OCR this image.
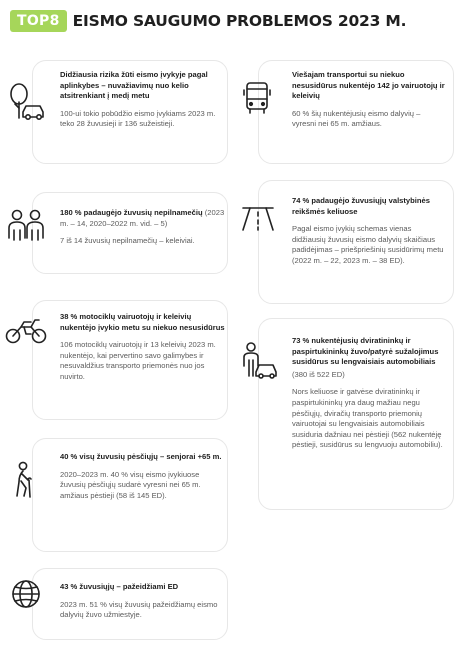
TOP8 EISMO SAUGUMO PROBLEMOS 2023 M.
Didžiausia rizika žūti eismo įvykyje pagal aplinkybes – nuvažiavimų nuo kelio atsitrenkiant į medį metu
100-ui tokio pobūdžio eismo įvykiams 2023 m. teko 28 žuvusieji ir 136 sužeistieji.
Viešajam transportui su niekuo nesusidūrus nukentėjo 142 jo vairuotojų ir keleivių
60 % šių nukentėjusių eismo dalyvių – vyresni nei 65 m. amžiaus.
180 % padaugėjo žuvusių nepilnamečių (2023 m. – 14, 2020–2022 m. vid. – 5)
7 iš 14 žuvusių nepilnamečių – keleiviai.
74 % padaugėjo žuvusiųjų valstybinės reikšmės keliuose
Pagal eismo įvykių schemas vienas didžiausių žuvusių eismo dalyvių skaičiaus padidėjimas – priešpriešinių susidūrimų metu (2022 m. – 22, 2023 m. – 38 ED).
38 % motociklų vairuotojų ir keleivių nukentėjo įvykio metu su niekuo nesusidūrus
106 motociklų vairuotojų ir 13 keleivių 2023 m. nukentėjo, kai pervertino savo galimybes ir nesuvaldžius transporto priemonės nuo jos nuvirto.
73 % nukentėjusių dviratininkų ir paspirtukininkų žuvo/patyrė sužalojimus susidūrus su lengvaisiais automobiliais
(380 iš 522 ED)
Nors keliuose ir gatvėse dviratininkų ir paspirtukininkų yra daug mažiau negu pėsčiųjų, dviračių transporto priemonių vairuotojai su lengvaisiais automobiliais susiduria dažniau nei pėstieji (562 nukentėję pėstieji, susidūrus su lengvuoju automobiliu).
40 % visų žuvusių pėsčiųjų – senjorai +65 m.
2020–2023 m. 40 % visų eismo įvykiuose žuvusių pėsčiųjų sudarė vyresni nei 65 m. amžiaus pėstieji (58 iš 145 ED).
43 % žuvusiųjų – pažeidžiami ED
2023 m. 51 % visų žuvusių pažeidžiamų eismo dalyvių žuvo užmiestyje.
